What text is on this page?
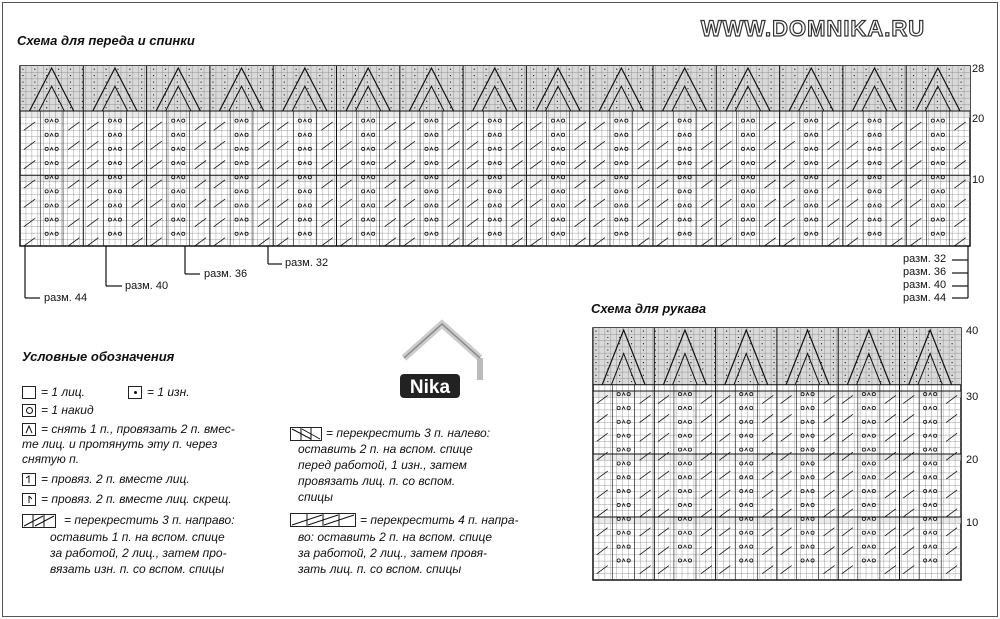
WWW.DOMNIKA.RU
Схема для переда и спинки
28
20
10
разм. 44
разм. 40
разм. 36
разм. 32	разм. 32
разм. 36
разм. 40
разм. 44
Схема для рукава
40
30
20
10
Nika
Условные обозначения
= 1 лиц.	= 1 изн.
= 1 накид
= снять 1 п., провязать 2 п. вмес-
те лиц. и протянуть эту п. через
снятую п.
= провяз. 2 п. вместе лиц.
= провяз. 2 п. вместе лиц. скрещ.
= перекрестить 3 п. направо:
оставить 1 п. на вспом. спице
за работой, 2 лиц., затем про-
вязать изн. п. со вспом. спицы
= перекрестить 3 п. налево:
оставить 2 п. на вспом. спице
перед работой, 1 изн., затем
провязать лиц. п. со вспом.
спицы
= перекрестить 4 п. напра-
во: оставить 2 п. на вспом. спице
за работой, 2 лиц., затем провя-
зать лиц. п. со вспом. спицы
